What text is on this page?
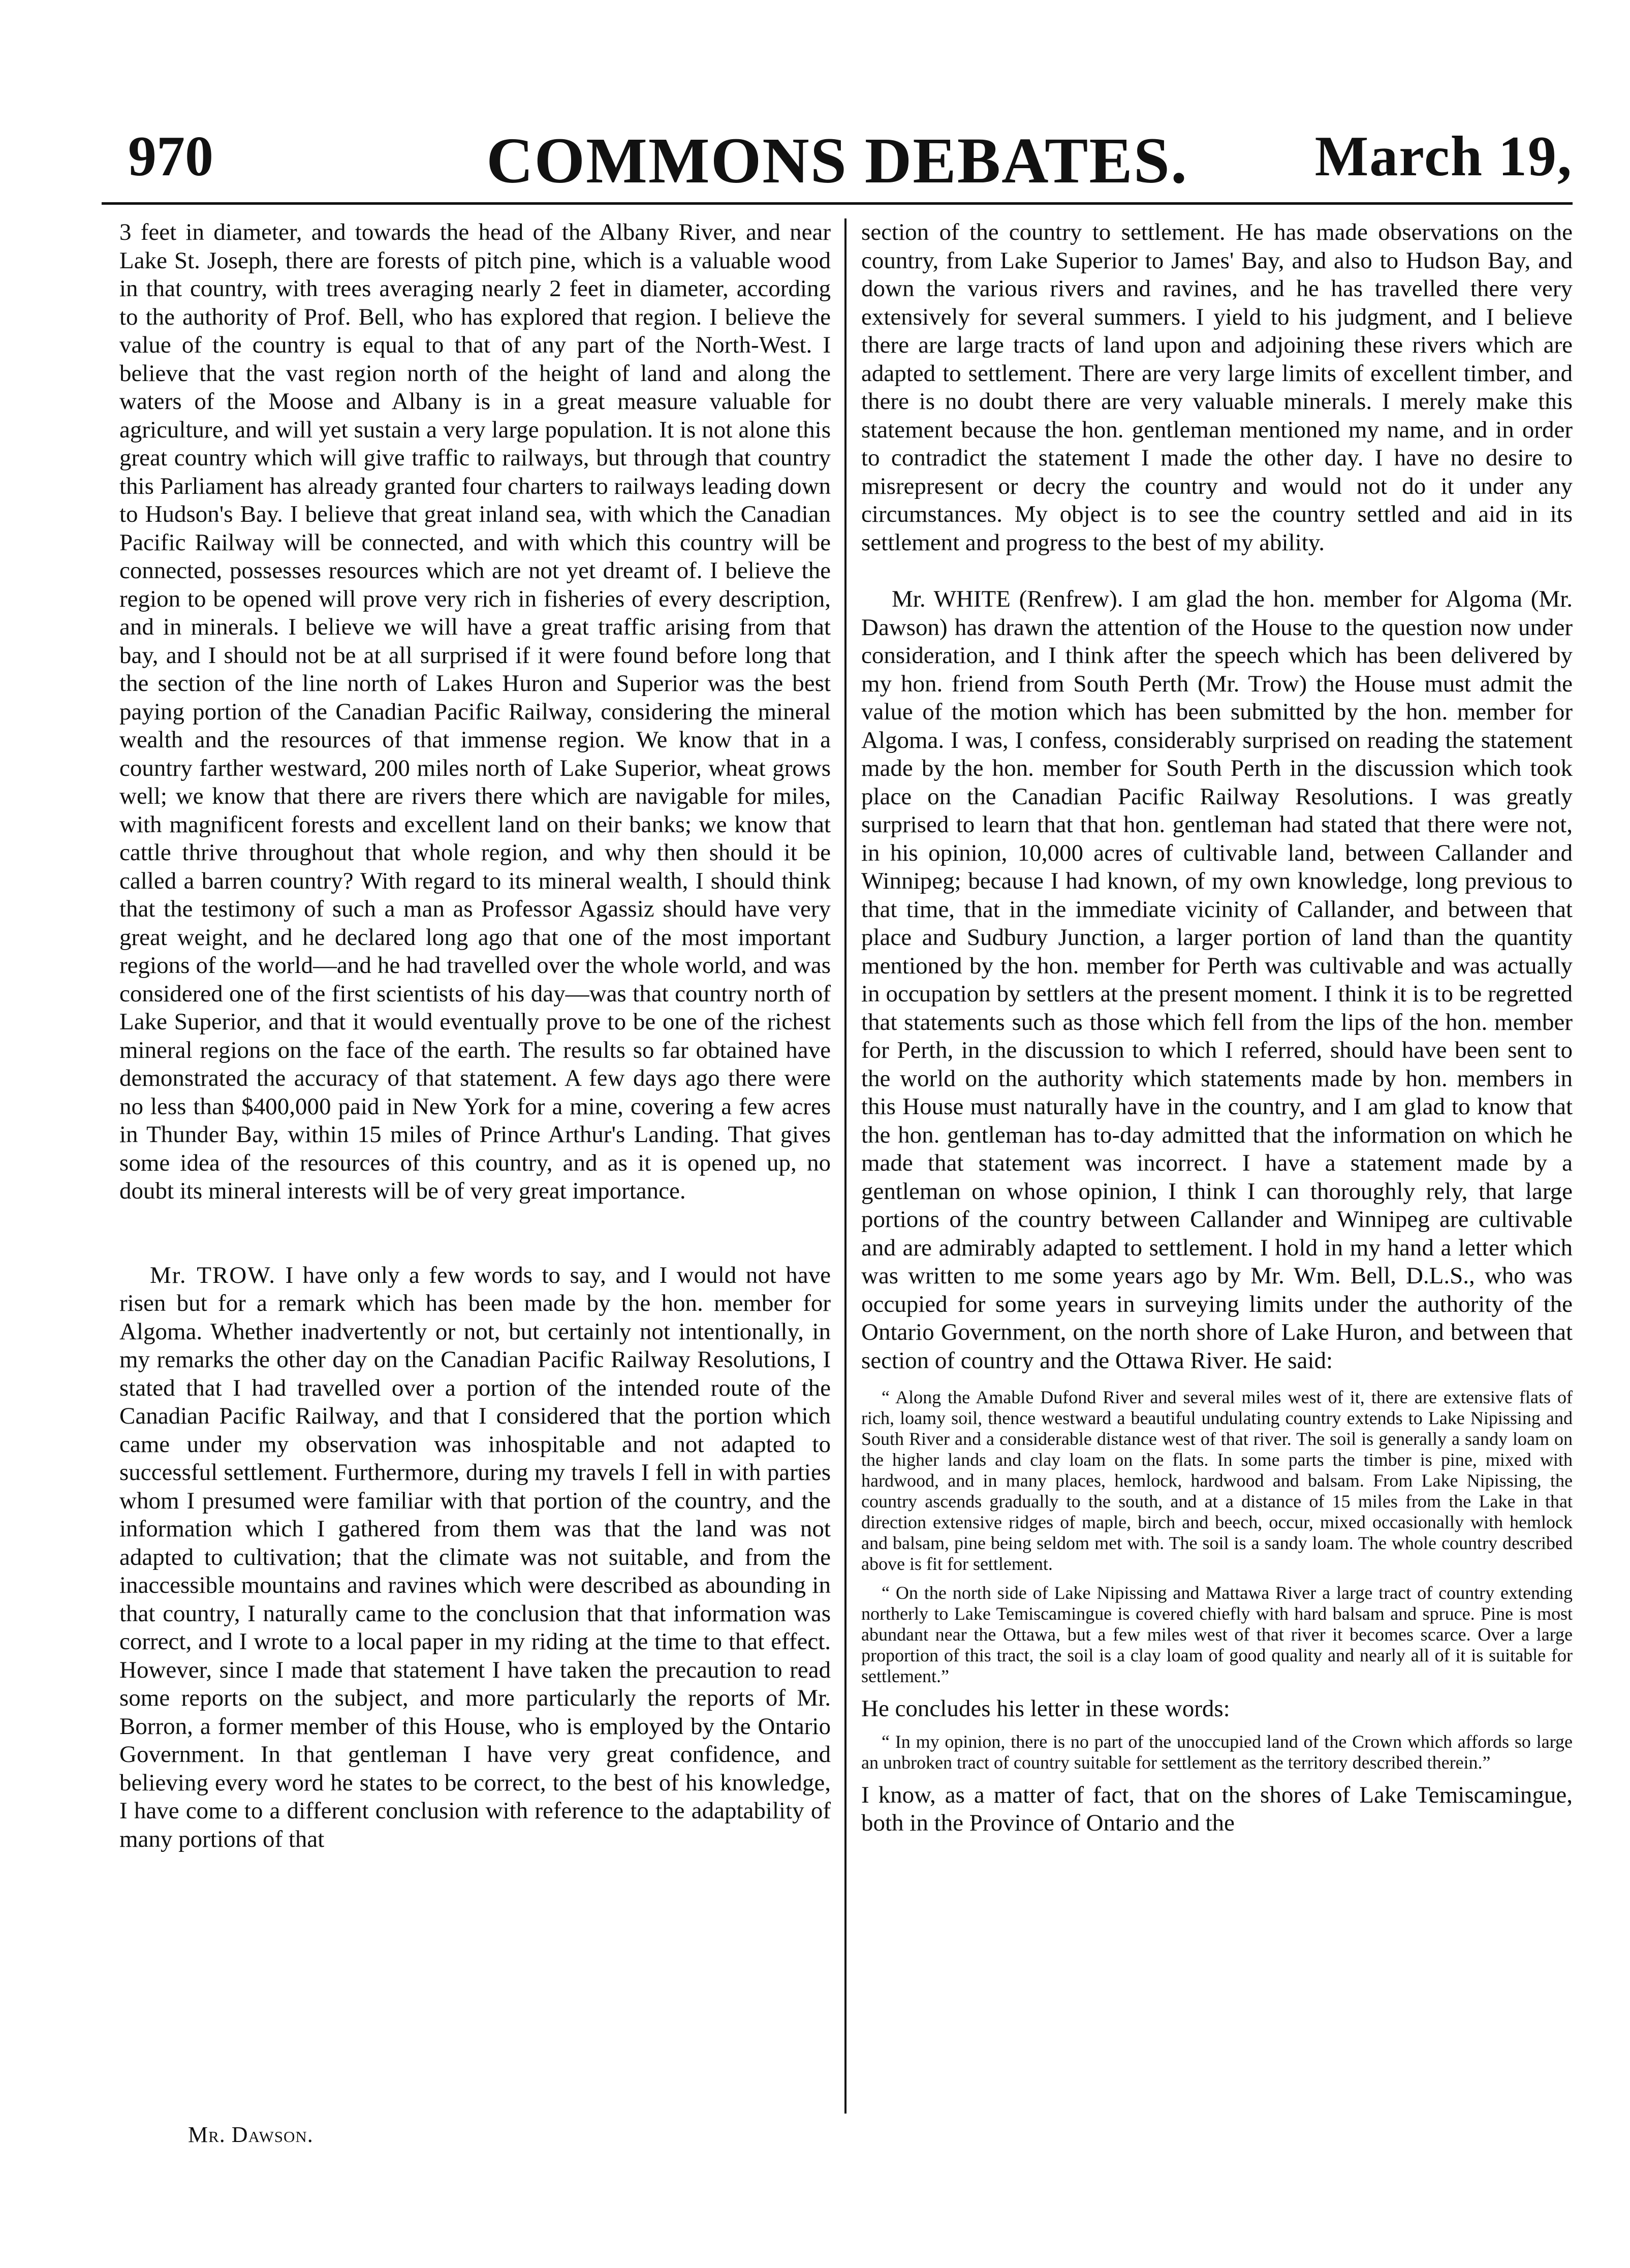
970	COMMONS DEBATES.	March 19,

3 feet in diameter, and towards the head of the Albany River, and near Lake St. Joseph, there are forests of pitch pine, which is a valuable wood in that country, with trees averaging nearly 2 feet in diameter, according to the authority of Prof. Bell, who has explored that region. I believe the value of the country is equal to that of any part of the North-West. I believe that the vast region north of the height of land and along the waters of the Moose and Albany is in a great measure valuable for agriculture, and will yet sustain a very large population. It is not alone this great country which will give traffic to railways, but through that country this Parliament has already granted four charters to railways leading down to Hudson's Bay. I believe that great inland sea, with which the Canadian Pacific Railway will be connected, and with which this country will be connected, possesses resources which are not yet dreamt of. I believe the region to be opened will prove very rich in fisheries of every description, and in minerals. I believe we will have a great traffic arising from that bay, and I should not be at all surprised if it were found before long that the section of the line north of Lakes Huron and Superior was the best paying portion of the Canadian Pacific Railway, considering the mineral wealth and the resources of that immense region. We know that in a country farther westward, 200 miles north of Lake Superior, wheat grows well; we know that there are rivers there which are navigable for miles, with magnificent forests and excellent land on their banks; we know that cattle thrive throughout that whole region, and why then should it be called a barren country? With regard to its mineral wealth, I should think that the testimony of such a man as Professor Agassiz should have very great weight, and he declared long ago that one of the most important regions of the world—and he had travelled over the whole world, and was considered one of the first scientists of his day—was that country north of Lake Superior, and that it would eventually prove to be one of the richest mineral regions on the face of the earth. The results so far obtained have demonstrated the accuracy of that statement. A few days ago there were no less than $400,000 paid in New York for a mine, covering a few acres in Thunder Bay, within 15 miles of Prince Arthur's Landing. That gives some idea of the resources of this country, and as it is opened up, no doubt its mineral interests will be of very great importance.

Mr. TROW. I have only a few words to say, and I would not have risen but for a remark which has been made by the hon. member for Algoma. Whether inadvertently or not, but certainly not intentionally, in my remarks the other day on the Canadian Pacific Railway Resolutions, I stated that I had travelled over a portion of the intended route of the Canadian Pacific Railway, and that I considered that the portion which came under my observation was inhospitable and not adapted to successful settlement. Furthermore, during my travels I fell in with parties whom I presumed were familiar with that portion of the country, and the information which I gathered from them was that the land was not adapted to cultivation; that the climate was not suitable, and from the inaccessible mountains and ravines which were described as abounding in that country, I naturally came to the conclusion that that information was correct, and I wrote to a local paper in my riding at the time to that effect. However, since I made that statement I have taken the precaution to read some reports on the subject, and more particularly the reports of Mr. Borron, a former member of this House, who is employed by the Ontario Government. In that gentleman I have very great confidence, and believing every word he states to be correct, to the best of his knowledge, I have come to a different conclusion with reference to the adaptability of many portions of that

section of the country to settlement. He has made observations on the country, from Lake Superior to James' Bay, and also to Hudson Bay, and down the various rivers and ravines, and he has travelled there very extensively for several summers. I yield to his judgment, and I believe there are large tracts of land upon and adjoining these rivers which are adapted to settlement. There are very large limits of excellent timber, and there is no doubt there are very valuable minerals. I merely make this statement because the hon. gentleman mentioned my name, and in order to contradict the statement I made the other day. I have no desire to misrepresent or decry the country and would not do it under any circumstances. My object is to see the country settled and aid in its settlement and progress to the best of my ability.

Mr. WHITE (Renfrew). I am glad the hon. member for Algoma (Mr. Dawson) has drawn the attention of the House to the question now under consideration, and I think after the speech which has been delivered by my hon. friend from South Perth (Mr. Trow) the House must admit the value of the motion which has been submitted by the hon. member for Algoma. I was, I confess, considerably surprised on reading the statement made by the hon. member for South Perth in the discussion which took place on the Canadian Pacific Railway Resolutions. I was greatly surprised to learn that that hon. gentleman had stated that there were not, in his opinion, 10,000 acres of cultivable land, between Callander and Winnipeg; because I had known, of my own knowledge, long previous to that time, that in the immediate vicinity of Callander, and between that place and Sudbury Junction, a larger portion of land than the quantity mentioned by the hon. member for Perth was cultivable and was actually in occupation by settlers at the present moment. I think it is to be regretted that statements such as those which fell from the lips of the hon. member for Perth, in the discussion to which I referred, should have been sent to the world on the authority which statements made by hon. members in this House must naturally have in the country, and I am glad to know that the hon. gentleman has to-day admitted that the information on which he made that statement was incorrect. I have a statement made by a gentleman on whose opinion, I think I can thoroughly rely, that large portions of the country between Callander and Winnipeg are cultivable and are admirably adapted to settlement. I hold in my hand a letter which was written to me some years ago by Mr. Wm. Bell, D.L.S., who was occupied for some years in surveying limits under the authority of the Ontario Government, on the north shore of Lake Huron, and between that section of country and the Ottawa River. He said:

“ Along the Amable Dufond River and several miles west of it, there are extensive flats of rich, loamy soil, thence westward a beautiful undulating country extends to Lake Nipissing and South River and a considerable distance west of that river. The soil is generally a sandy loam on the higher lands and clay loam on the flats. In some parts the timber is pine, mixed with hardwood, and in many places, hemlock, hardwood and balsam. From Lake Nipissing, the country ascends gradually to the south, and at a distance of 15 miles from the Lake in that direction extensive ridges of maple, birch and beech, occur, mixed occasionally with hemlock and balsam, pine being seldom met with. The soil is a sandy loam. The whole country described above is fit for settlement.

“ On the north side of Lake Nipissing and Mattawa River a large tract of country extending northerly to Lake Temiscamingue is covered chiefly with hard balsam and spruce. Pine is most abundant near the Ottawa, but a few miles west of that river it becomes scarce. Over a large proportion of this tract, the soil is a clay loam of good quality and nearly all of it is suitable for settlement.”

He concludes his letter in these words:

“ In my opinion, there is no part of the unoccupied land of the Crown which affords so large an unbroken tract of country suitable for settlement as the territory described therein.”

I know, as a matter of fact, that on the shores of Lake Temiscamingue, both in the Province of Ontario and the

Mr. Dawson.
